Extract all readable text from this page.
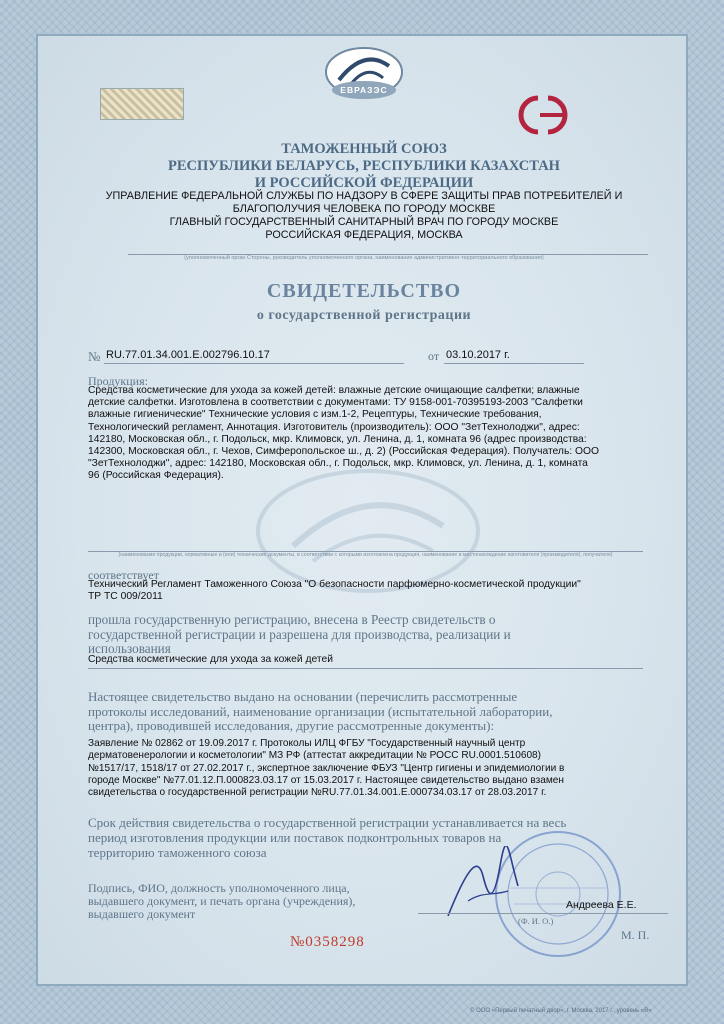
ЕВРАЗЭС
ТАМОЖЕННЫЙ СОЮЗ
РЕСПУБЛИКИ БЕЛАРУСЬ, РЕСПУБЛИКИ КАЗАХСТАН
И РОССИЙСКОЙ ФЕДЕРАЦИИ
УПРАВЛЕНИЕ ФЕДЕРАЛЬНОЙ СЛУЖБЫ ПО НАДЗОРУ В СФЕРЕ ЗАЩИТЫ ПРАВ ПОТРЕБИТЕЛЕЙ И
БЛАГОПОЛУЧИЯ ЧЕЛОВЕКА ПО ГОРОДУ МОСКВЕ
ГЛАВНЫЙ ГОСУДАРСТВЕННЫЙ САНИТАРНЫЙ ВРАЧ ПО ГОРОДУ МОСКВЕ
РОССИЙСКАЯ ФЕДЕРАЦИЯ, МОСКВА
(уполномоченный орган Стороны, руководитель уполномоченного органа, наименование административно-территориального образования)
СВИДЕТЕЛЬСТВО
о государственной регистрации
№ RU.77.01.34.001.Е.002796.10.17	от 03.10.2017 г.
Продукция:
Средства косметические для ухода за кожей детей: влажные детские очищающие салфетки; влажные
детские салфетки. Изготовлена в соответствии с документами: ТУ 9158-001-70395193-2003 "Салфетки
влажные гигиенические" Технические условия с изм.1-2, Рецептуры, Технические требования,
Технологический регламент, Аннотация. Изготовитель (производитель): ООО "ЗетТехнолоджи", адрес:
142180, Московская обл., г. Подольск, мкр. Климовск, ул. Ленина, д. 1, комната 96 (адрес производства:
142300, Московская обл., г. Чехов, Симферопольское ш., д. 2) (Российская Федерация). Получатель: ООО
"ЗетТехнолоджи", адрес: 142180, Московская обл., г. Подольск, мкр. Климовск, ул. Ленина, д. 1, комната
96 (Российская Федерация).
(наименование продукции, нормативные и (или) технические документы, в соответствии с которыми изготовлена продукция, наименование и местонахождение изготовителя (производителя), получателя)
соответствует
Технический Регламент Таможенного Союза "О безопасности парфюмерно-косметической продукции"
ТР ТС 009/2011
прошла государственную регистрацию, внесена в Реестр свидетельств о
государственной регистрации и разрешена для производства, реализации и
использования
Средства косметические для ухода за кожей детей
Настоящее свидетельство выдано на основании (перечислить рассмотренные
протоколы исследований, наименование организации (испытательной лаборатории,
центра), проводившей исследования, другие рассмотренные документы):
Заявление № 02862 от 19.09.2017 г. Протоколы ИЛЦ ФГБУ "Государственный научный центр
дерматовенерологии и косметологии" МЗ РФ (аттестат аккредитации № РОСС RU.0001.510608)
№1517/17, 1518/17 от 27.02.2017 г., экспертное заключение ФБУЗ "Центр гигиены и эпидемиологии в
городе Москве" №77.01.12.П.000823.03.17 от 15.03.2017 г. Настоящее свидетельство выдано взамен
свидетельства о государственной регистрации №RU.77.01.34.001.Е.000734.03.17 от 28.03.2017 г.
Срок действия свидетельства о государственной регистрации устанавливается на весь
период изготовления продукции или поставок подконтрольных товаров на
территорию таможенного союза
Подпись, ФИО, должность уполномоченного лица,
выдавшего документ, и печать органа (учреждения),
выдавшего документ
Андреева Е.Е.
(Ф. И. О.)
М. П.
№0358298
© ООО «Первый печатный двор», г. Москва, 2017 г., уровень «В»
